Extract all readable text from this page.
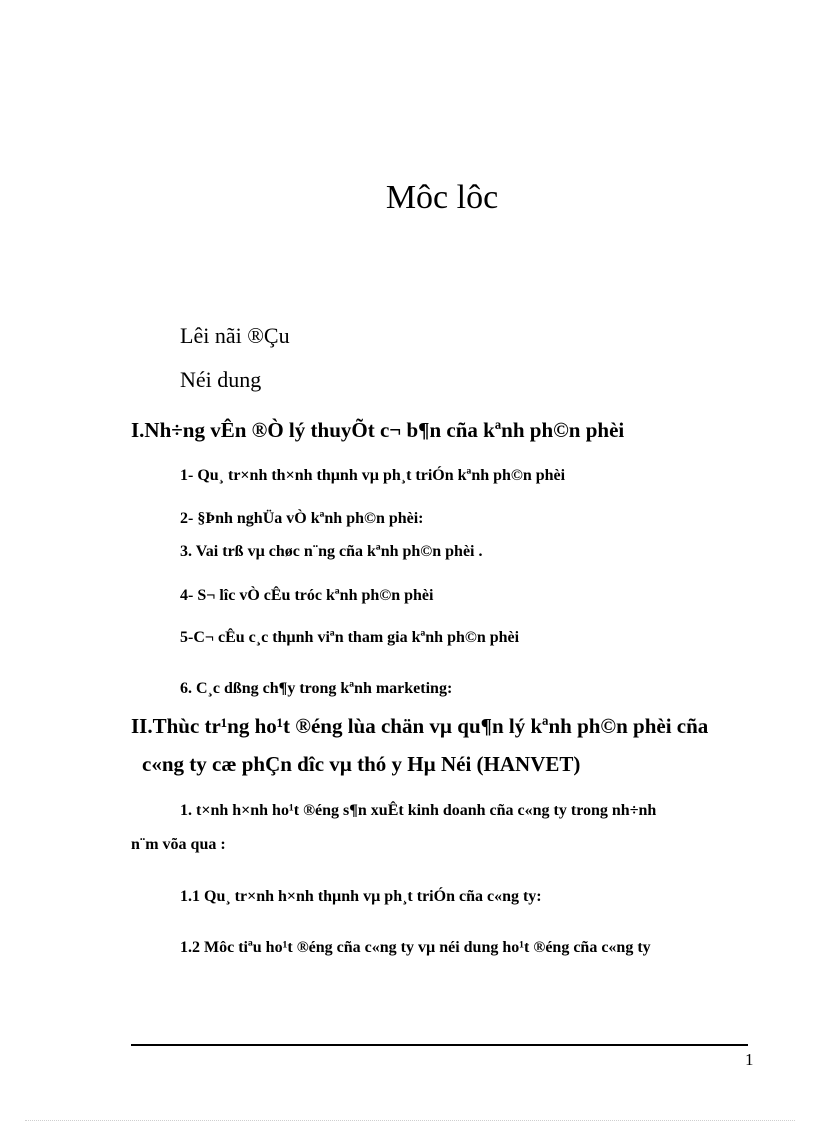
Môc lôc
Lêi nãi ®Çu
Néi dung
I.Nh÷ng vÊn ®Ò lý thuyÕt c¬ b¶n cña kªnh ph©n phèi
1- Qu¸ tr×nh th×nh thµnh vµ ph¸t triÓn kªnh ph©n phèi
2- §Þnh nghÜa vÒ kªnh ph©n phèi:
3. Vai trß vµ chøc n¨ng cña kªnh ph©n phèi .
4- S¬ lîc vÒ cÊu tróc kªnh ph©n phèi
5-C¬ cÊu c¸c thµnh viªn tham gia kªnh ph©n phèi
6. C¸c dßng ch¶y trong kªnh marketing:
II.Thùc tr¹ng ho¹t ®éng lùa chän vµ qu¶n lý kªnh ph©n phèi cña
c«ng ty cæ phÇn dîc vµ thó y Hµ Néi (HANVET)
1. t×nh h×nh ho¹t ®éng s¶n xuÊt kinh doanh cña c«ng ty trong nh÷nh
n¨m võa qua :
1.1 Qu¸ tr×nh h×nh thµnh vµ ph¸t triÓn cña c«ng ty:
1.2 Môc tiªu ho¹t ®éng cña c«ng ty vµ néi dung ho¹t ®éng cña c«ng ty
1
